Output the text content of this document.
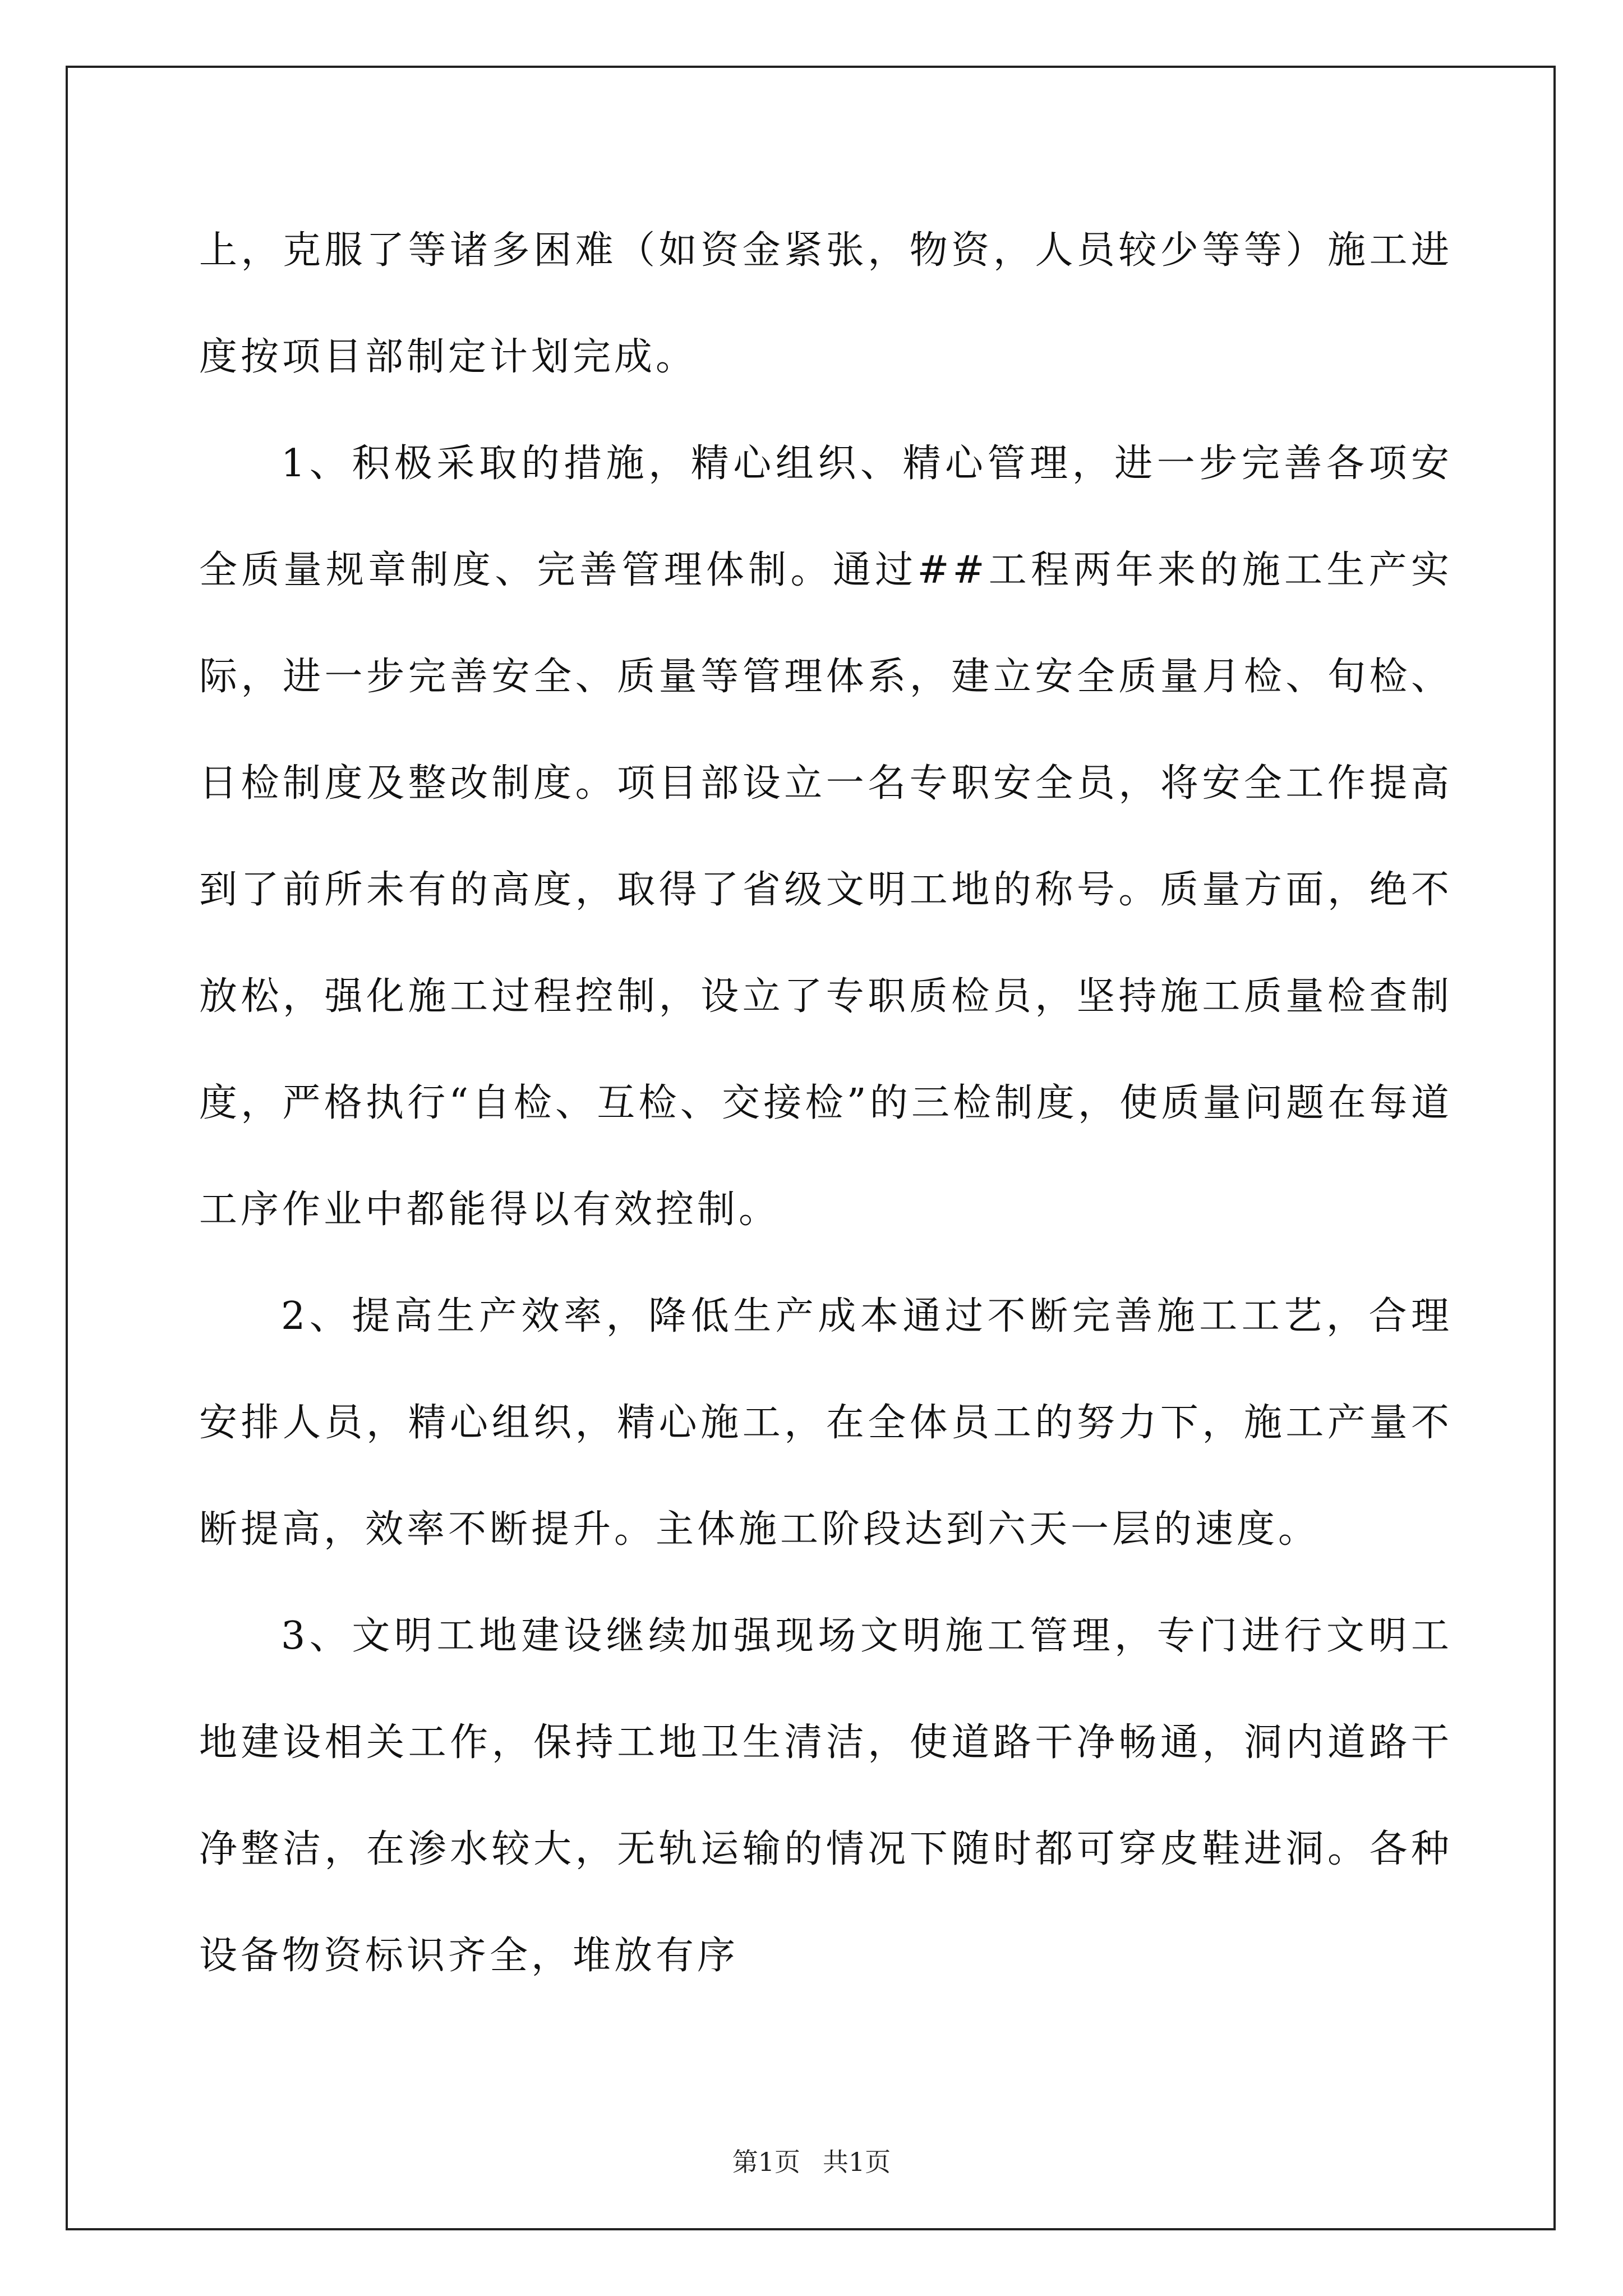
上，克服了等诸多困难（如资金紧张，物资，人员较少等等）施工进度按项目部制定计划完成。

1、积极采取的措施，精心组织、精心管理，进一步完善各项安全质量规章制度、完善管理体制。通过##工程两年来的施工生产实际，进一步完善安全、质量等管理体系，建立安全质量月检、旬检、日检制度及整改制度。项目部设立一名专职安全员，将安全工作提高到了前所未有的高度，取得了省级文明工地的称号。质量方面，绝不放松，强化施工过程控制，设立了专职质检员，坚持施工质量检查制度，严格执行“自检、互检、交接检”的三检制度，使质量问题在每道工序作业中都能得以有效控制。

2、提高生产效率，降低生产成本通过不断完善施工工艺，合理安排人员，精心组织，精心施工，在全体员工的努力下，施工产量不断提高，效率不断提升。主体施工阶段达到六天一层的速度。

3、文明工地建设继续加强现场文明施工管理，专门进行文明工地建设相关工作，保持工地卫生清洁，使道路干净畅通，洞内道路干净整洁，在渗水较大，无轨运输的情况下随时都可穿皮鞋进洞。各种设备物资标识齐全，堆放有序

第1页 共1页
